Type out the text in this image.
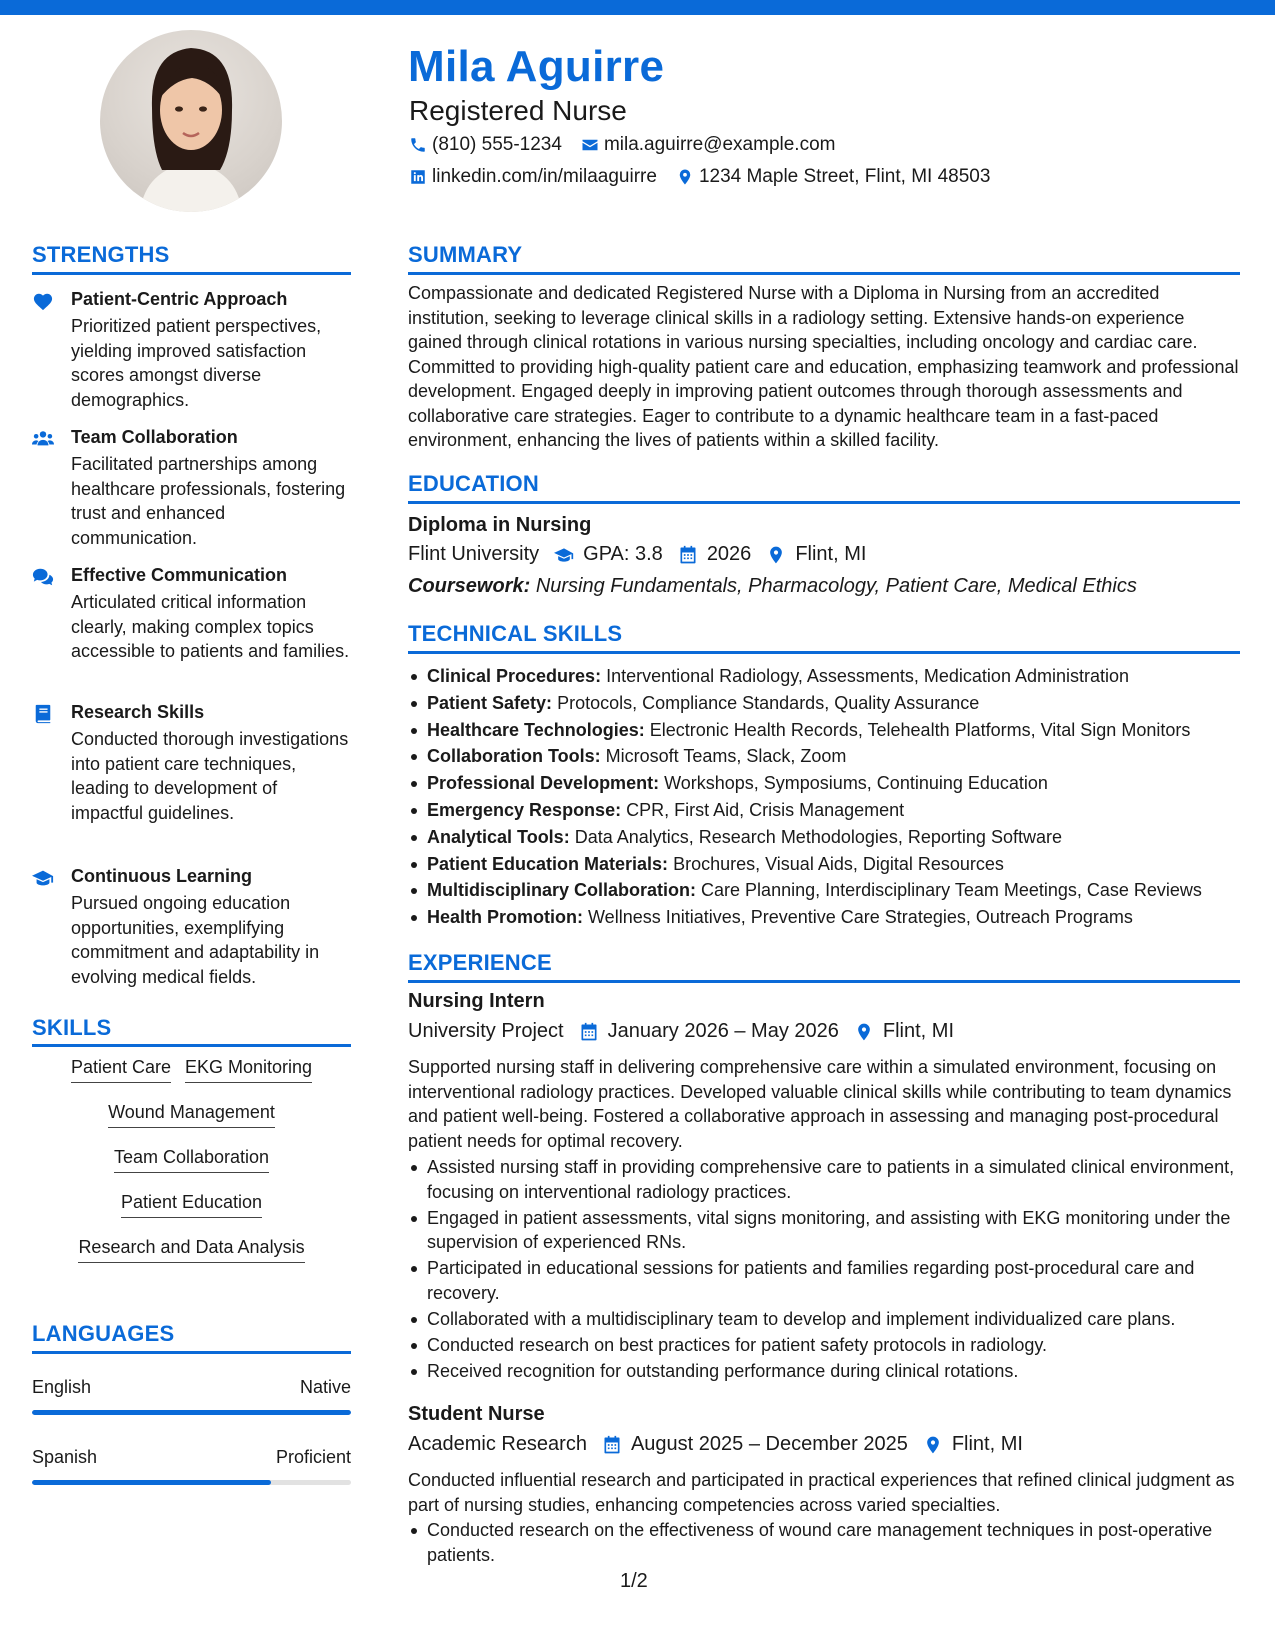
Mila Aguirre
Registered Nurse
(810) 555-1234 mila.aguirre@example.com
linkedin.com/in/milaaguirre 1234 Maple Street, Flint, MI 48503
STRENGTHS
Patient-Centric Approach
Prioritized patient perspectives, yielding improved satisfaction scores amongst diverse demographics.
Team Collaboration
Facilitated partnerships among healthcare professionals, fostering trust and enhanced communication.
Effective Communication
Articulated critical information clearly, making complex topics accessible to patients and families.
Research Skills
Conducted thorough investigations into patient care techniques, leading to development of impactful guidelines.
Continuous Learning
Pursued ongoing education opportunities, exemplifying commitment and adaptability in evolving medical fields.
SKILLS
Patient Care EKG Monitoring
Wound Management
Team Collaboration
Patient Education
Research and Data Analysis
LANGUAGES
English	Native
Spanish	Proficient
SUMMARY
Compassionate and dedicated Registered Nurse with a Diploma in Nursing from an accredited institution, seeking to leverage clinical skills in a radiology setting. Extensive hands-on experience gained through clinical rotations in various nursing specialties, including oncology and cardiac care. Committed to providing high-quality patient care and education, emphasizing teamwork and professional development. Engaged deeply in improving patient outcomes through thorough assessments and collaborative care strategies. Eager to contribute to a dynamic healthcare team in a fast-paced environment, enhancing the lives of patients within a skilled facility.
EDUCATION
Diploma in Nursing
Flint University GPA: 3.8 2026 Flint, MI
Coursework: Nursing Fundamentals, Pharmacology, Patient Care, Medical Ethics
TECHNICAL SKILLS
Clinical Procedures: Interventional Radiology, Assessments, Medication Administration
Patient Safety: Protocols, Compliance Standards, Quality Assurance
Healthcare Technologies: Electronic Health Records, Telehealth Platforms, Vital Sign Monitors
Collaboration Tools: Microsoft Teams, Slack, Zoom
Professional Development: Workshops, Symposiums, Continuing Education
Emergency Response: CPR, First Aid, Crisis Management
Analytical Tools: Data Analytics, Research Methodologies, Reporting Software
Patient Education Materials: Brochures, Visual Aids, Digital Resources
Multidisciplinary Collaboration: Care Planning, Interdisciplinary Team Meetings, Case Reviews
Health Promotion: Wellness Initiatives, Preventive Care Strategies, Outreach Programs
EXPERIENCE
Nursing Intern
University Project January 2026 – May 2026 Flint, MI
Supported nursing staff in delivering comprehensive care within a simulated environment, focusing on interventional radiology practices. Developed valuable clinical skills while contributing to team dynamics and patient well-being. Fostered a collaborative approach in assessing and managing post-procedural patient needs for optimal recovery.
Assisted nursing staff in providing comprehensive care to patients in a simulated clinical environment, focusing on interventional radiology practices.
Engaged in patient assessments, vital signs monitoring, and assisting with EKG monitoring under the supervision of experienced RNs.
Participated in educational sessions for patients and families regarding post-procedural care and recovery.
Collaborated with a multidisciplinary team to develop and implement individualized care plans.
Conducted research on best practices for patient safety protocols in radiology.
Received recognition for outstanding performance during clinical rotations.
Student Nurse
Academic Research August 2025 – December 2025 Flint, MI
Conducted influential research and participated in practical experiences that refined clinical judgment as part of nursing studies, enhancing competencies across varied specialties.
Conducted research on the effectiveness of wound care management techniques in post-operative patients.
1/2
